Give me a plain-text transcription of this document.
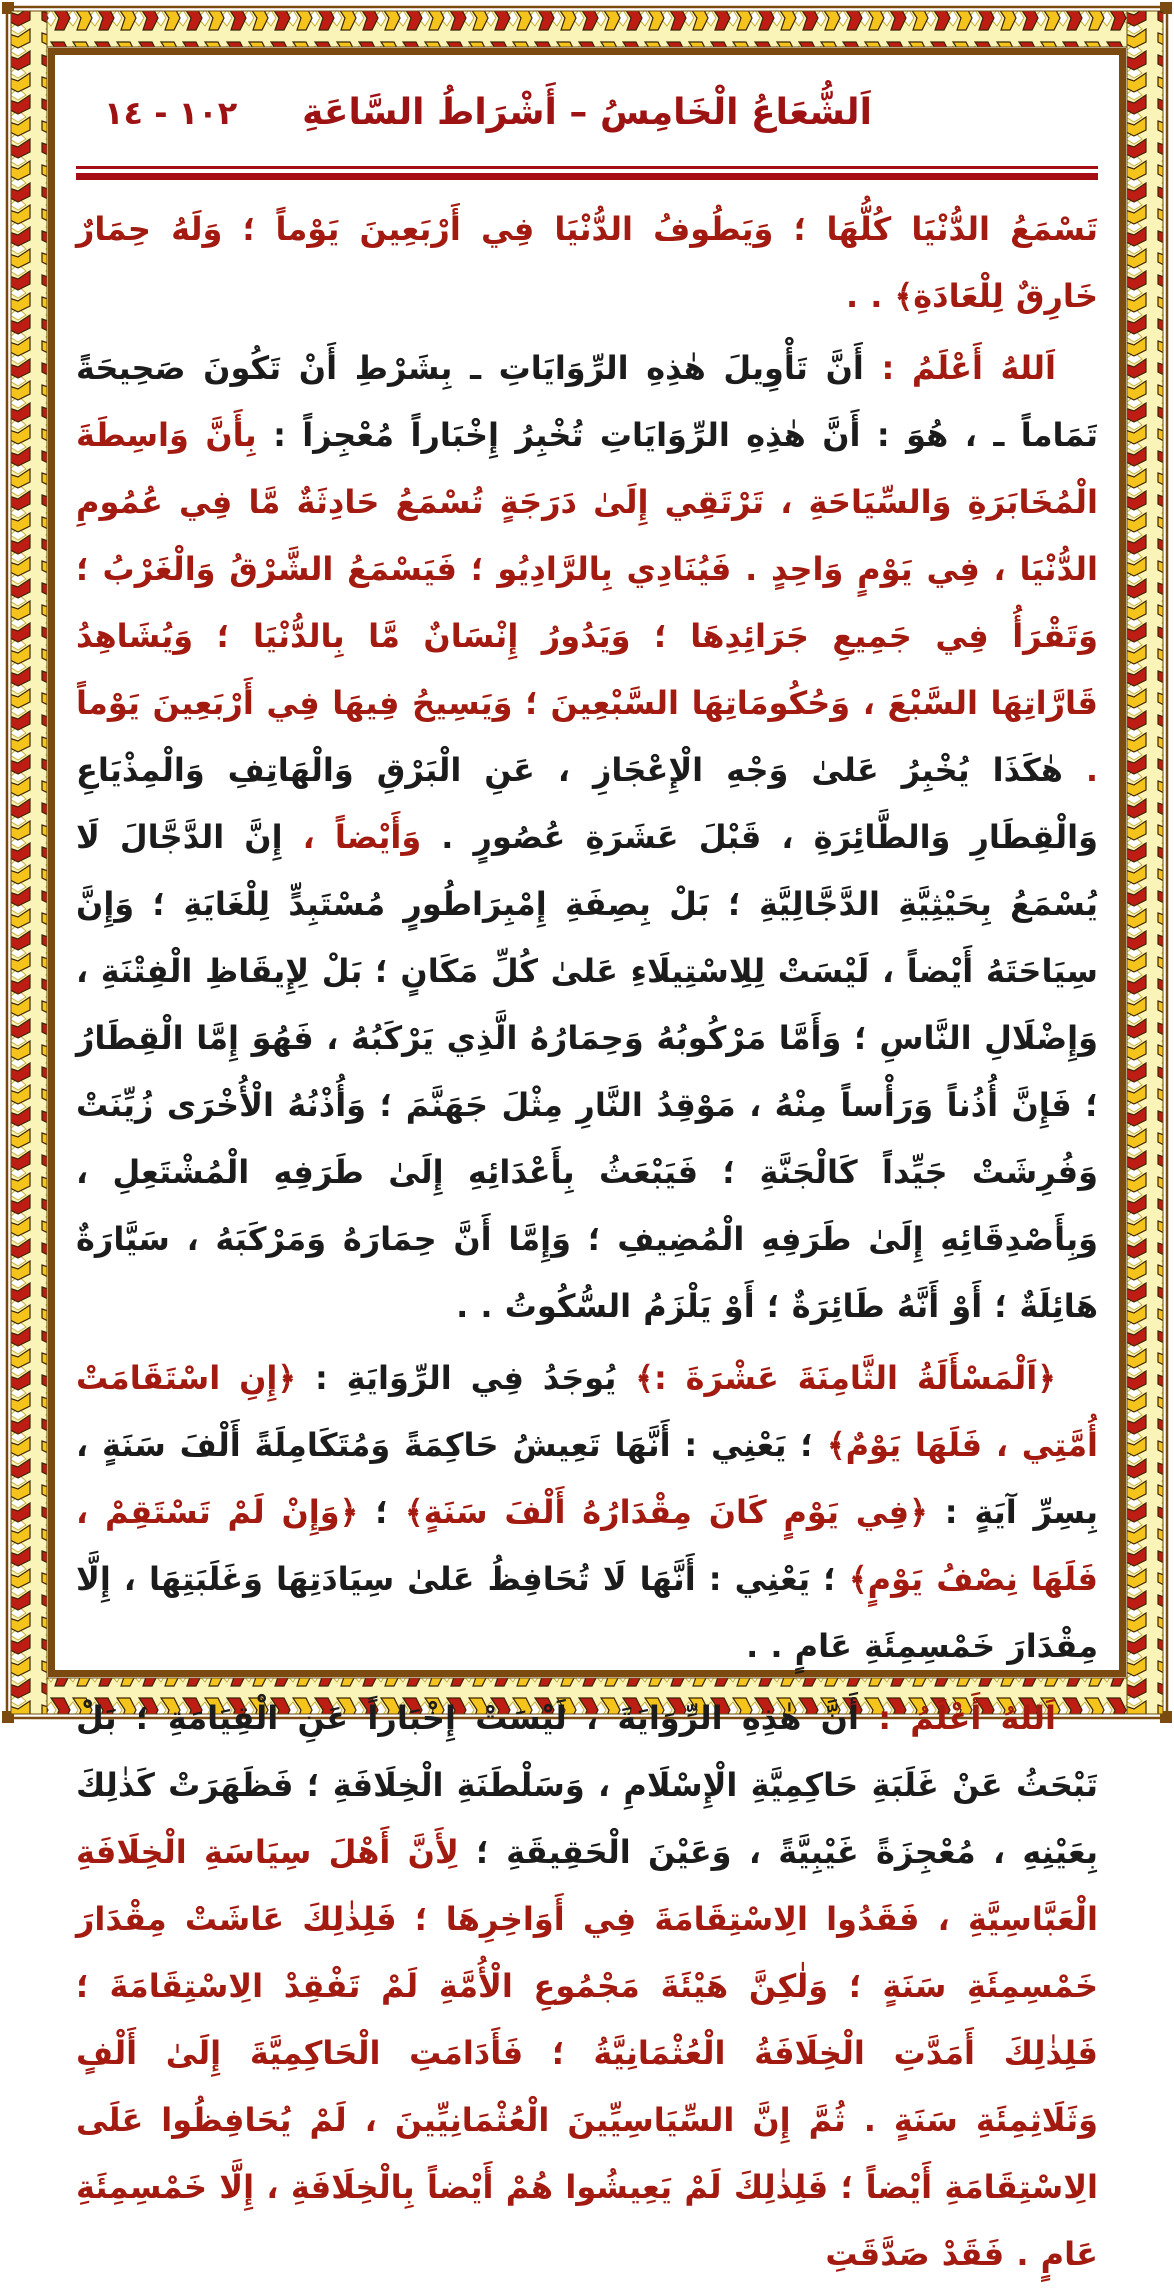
اَلشُّعَاعُ الْخَامِسُ – أَشْرَاطُ السَّاعَةِ
١٠٢ - ١٤

تَسْمَعُ الدُّنْيَا كُلُّهَا ؛ وَيَطُوفُ الدُّنْيَا فِي أَرْبَعِينَ يَوْماً ؛ وَلَهُ حِمَارٌ خَارِقٌ لِلْعَادَةِ﴾ . .

اَللهُ أَعْلَمُ : أَنَّ تَأْوِيلَ هٰذِهِ الرِّوَايَاتِ ـ بِشَرْطِ أَنْ تَكُونَ صَحِيحَةً تَمَاماً ـ ، هُوَ : أَنَّ هٰذِهِ الرِّوَايَاتِ تُخْبِرُ إِخْبَاراً مُعْجِزاً : بِأَنَّ وَاسِطَةَ الْمُخَابَرَةِ وَالسِّيَاحَةِ ، تَرْتَقِي إِلَىٰ دَرَجَةٍ تُسْمَعُ حَادِثَةٌ مَّا فِي عُمُومِ الدُّنْيَا ، فِي يَوْمٍ وَاحِدٍ . فَيُنَادِي بِالرَّادِيُو ؛ فَيَسْمَعُ الشَّرْقُ وَالْغَرْبُ ؛ وَتَقْرَأُ فِي جَمِيعِ جَرَائِدِهَا ؛ وَيَدُورُ إِنْسَانٌ مَّا بِالدُّنْيَا ؛ وَيُشَاهِدُ قَارَّاتِهَا السَّبْعَ ، وَحُكُومَاتِهَا السَّبْعِينَ ؛ وَيَسِيحُ فِيهَا فِي أَرْبَعِينَ يَوْماً . هٰكَذَا يُخْبِرُ عَلىٰ وَجْهِ الْإِعْجَازِ ، عَنِ الْبَرْقِ وَالْهَاتِفِ وَالْمِذْيَاعِ وَالْقِطَارِ وَالطَّائِرَةِ ، قَبْلَ عَشَرَةِ عُصُورٍ . وَأَيْضاً ، إِنَّ الدَّجَّالَ لَا يُسْمَعُ بِحَيْثِيَّةِ الدَّجَّالِيَّةِ ؛ بَلْ بِصِفَةِ إِمْبِرَاطُورٍ مُسْتَبِدٍّ لِلْغَايَةِ ؛ وَإِنَّ سِيَاحَتَهُ أَيْضاً ، لَيْسَتْ لِلِاسْتِيلَاءِ عَلىٰ كُلِّ مَكَانٍ ؛ بَلْ لِإِيقَاظِ الْفِتْنَةِ ، وَإِضْلَالِ النَّاسِ ؛ وَأَمَّا مَرْكُوبُهُ وَحِمَارُهُ الَّذِي يَرْكَبُهُ ، فَهُوَ إِمَّا الْقِطَارُ ؛ فَإِنَّ أُذُناً وَرَأْساً مِنْهُ ، مَوْقِدُ النَّارِ مِثْلَ جَهَنَّمَ ؛ وَأُذْنُهُ الْأُخْرَى زُيِّنَتْ وَفُرِشَتْ جَيِّداً كَالْجَنَّةِ ؛ فَيَبْعَثُ بِأَعْدَائِهِ إِلَىٰ طَرَفِهِ الْمُشْتَعِلِ ، وَبِأَصْدِقَائِهِ إِلَىٰ طَرَفِهِ الْمُضِيفِ ؛ وَإِمَّا أَنَّ حِمَارَهُ وَمَرْكَبَهُ ، سَيَّارَةٌ هَائِلَةٌ ؛ أَوْ أَنَّهُ طَائِرَةٌ ؛ أَوْ يَلْزَمُ السُّكُوتُ . .

﴿اَلْمَسْأَلَةُ الثَّامِنَةَ عَشْرَةَ :﴾ يُوجَدُ فِي الرِّوَايَةِ : ﴿إِنِ اسْتَقَامَتْ أُمَّتِي ، فَلَهَا يَوْمٌ﴾ ؛ يَعْنِي : أَنَّهَا تَعِيشُ حَاكِمَةً وَمُتَكَامِلَةً أَلْفَ سَنَةٍ ، بِسِرِّ آيَةٍ : ﴿فِي يَوْمٍ كَانَ مِقْدَارُهُ أَلْفَ سَنَةٍ﴾ ؛ ﴿وَإِنْ لَمْ تَسْتَقِمْ ، فَلَهَا نِصْفُ يَوْمٍ﴾ ؛ يَعْنِي : أَنَّهَا لَا تُحَافِظُ عَلىٰ سِيَادَتِهَا وَغَلَبَتِهَا ، إِلَّا مِقْدَارَ خَمْسِمِئَةِ عَامٍ . .

اَللهُ أَعْلَمُ : أَنَّ هٰذِهِ الرِّوَايَةَ ، لَيْسَتْ إِخْبَاراً عَنِ الْقِيَامَةِ ؛ بَلْ تَبْحَثُ عَنْ غَلَبَةِ حَاكِمِيَّةِ الْإِسْلَامِ ، وَسَلْطَنَةِ الْخِلَافَةِ ؛ فَظَهَرَتْ كَذٰلِكَ بِعَيْنِهِ ، مُعْجِزَةً غَيْبِيَّةً ، وَعَيْنَ الْحَقِيقَةِ ؛ لِأَنَّ أَهْلَ سِيَاسَةِ الْخِلَافَةِ الْعَبَّاسِيَّةِ ، فَقَدُوا الِاسْتِقَامَةَ فِي أَوَاخِرِهَا ؛ فَلِذٰلِكَ عَاشَتْ مِقْدَارَ خَمْسِمِئَةِ سَنَةٍ ؛ وَلٰكِنَّ هَيْئَةَ مَجْمُوعِ الْأُمَّةِ لَمْ تَفْقِدْ الِاسْتِقَامَةَ ؛ فَلِذٰلِكَ أَمَدَّتِ الْخِلَافَةُ الْعُثْمَانِيَّةُ ؛ فَأَدَامَتِ الْحَاكِمِيَّةَ إِلَىٰ أَلْفٍ وَثَلَاثِمِئَةِ سَنَةٍ . ثُمَّ إِنَّ السِّيَاسِيِّينَ الْعُثْمَانِيِّينَ ، لَمْ يُحَافِظُوا عَلَى الِاسْتِقَامَةِ أَيْضاً ؛ فَلِذٰلِكَ لَمْ يَعِيشُوا هُمْ أَيْضاً بِالْخِلَافَةِ ، إِلَّا خَمْسِمِئَةِ عَامٍ . فَقَدْ صَدَّقَتِ
